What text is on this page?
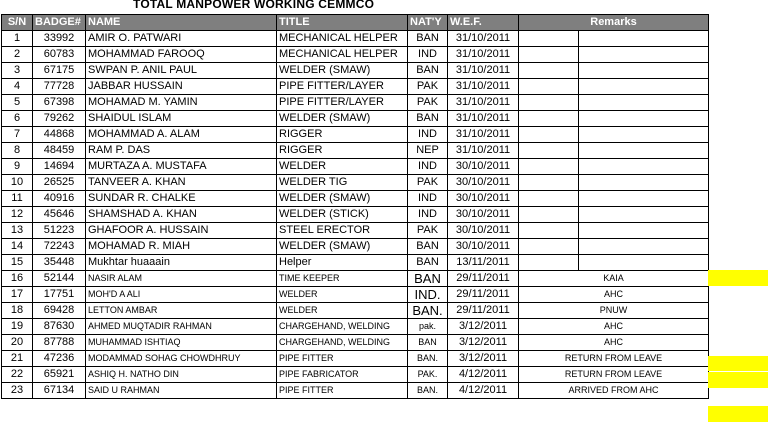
TOTAL MANPOWER WORKING CEMMCO
S/N	BADGE#	NAME	TITLE	NAT'Y	W.E.F.	Remarks	
1	33992	AMIR O. PATWARI	MECHANICAL HELPER	BAN	31/10/2011		
2	60783	MOHAMMAD FAROOQ	MECHANICAL HELPER	IND	31/10/2011		
3	67175	SWPAN P. ANIL PAUL	WELDER (SMAW)	BAN	31/10/2011		
4	77728	JABBAR HUSSAIN	PIPE FITTER/LAYER	PAK	31/10/2011		
5	67398	MOHAMAD M. YAMIN	PIPE FITTER/LAYER	PAK	31/10/2011		
6	79262	SHAIDUL ISLAM	WELDER (SMAW)	BAN	31/10/2011		
7	44868	MOHAMMAD A. ALAM	RIGGER	IND	31/10/2011		
8	48459	RAM P. DAS	RIGGER	NEP	31/10/2011		
9	14694	MURTAZA A. MUSTAFA	WELDER	IND	30/10/2011		
10	26525	TANVEER A. KHAN	WELDER TIG	PAK	30/10/2011		
11	40916	SUNDAR R. CHALKE	WELDER (SMAW)	IND	30/10/2011		
12	45646	SHAMSHAD A. KHAN	WELDER (STICK)	IND	30/10/2011		
13	51223	GHAFOOR A. HUSSAIN	STEEL ERECTOR	PAK	30/10/2011		
14	72243	MOHAMAD R. MIAH	WELDER (SMAW)	BAN	30/10/2011		
15	35448	Mukhtar huaaain	Helper	BAN	13/11/2011		
16	52144	NASIR ALAM	TIME KEEPER	BAN	29/11/2011	KAIA	
17	17751	MOH'D A ALI	WELDER	IND.	29/11/2011	AHC	
18	69428	LETTON AMBAR	WELDER	BAN.	29/11/2011	PNUW	
19	87630	AHMED MUQTADIR RAHMAN	CHARGEHAND, WELDING	pak.	3/12/2011	AHC	
20	87788	MUHAMMAD ISHTIAQ	CHARGEHAND, WELDING	BAN	3/12/2011	AHC	
21	47236	MODAMMAD SOHAG CHOWDHRUY	PIPE FITTER	BAN.	3/12/2011	RETURN FROM LEAVE	
22	65921	ASHIQ H. NATHO DIN	PIPE FABRICATOR	PAK.	4/12/2011	RETURN FROM LEAVE	
23	67134	SAID U RAHMAN	PIPE FITTER	BAN.	4/12/2011	ARRIVED FROM AHC	
